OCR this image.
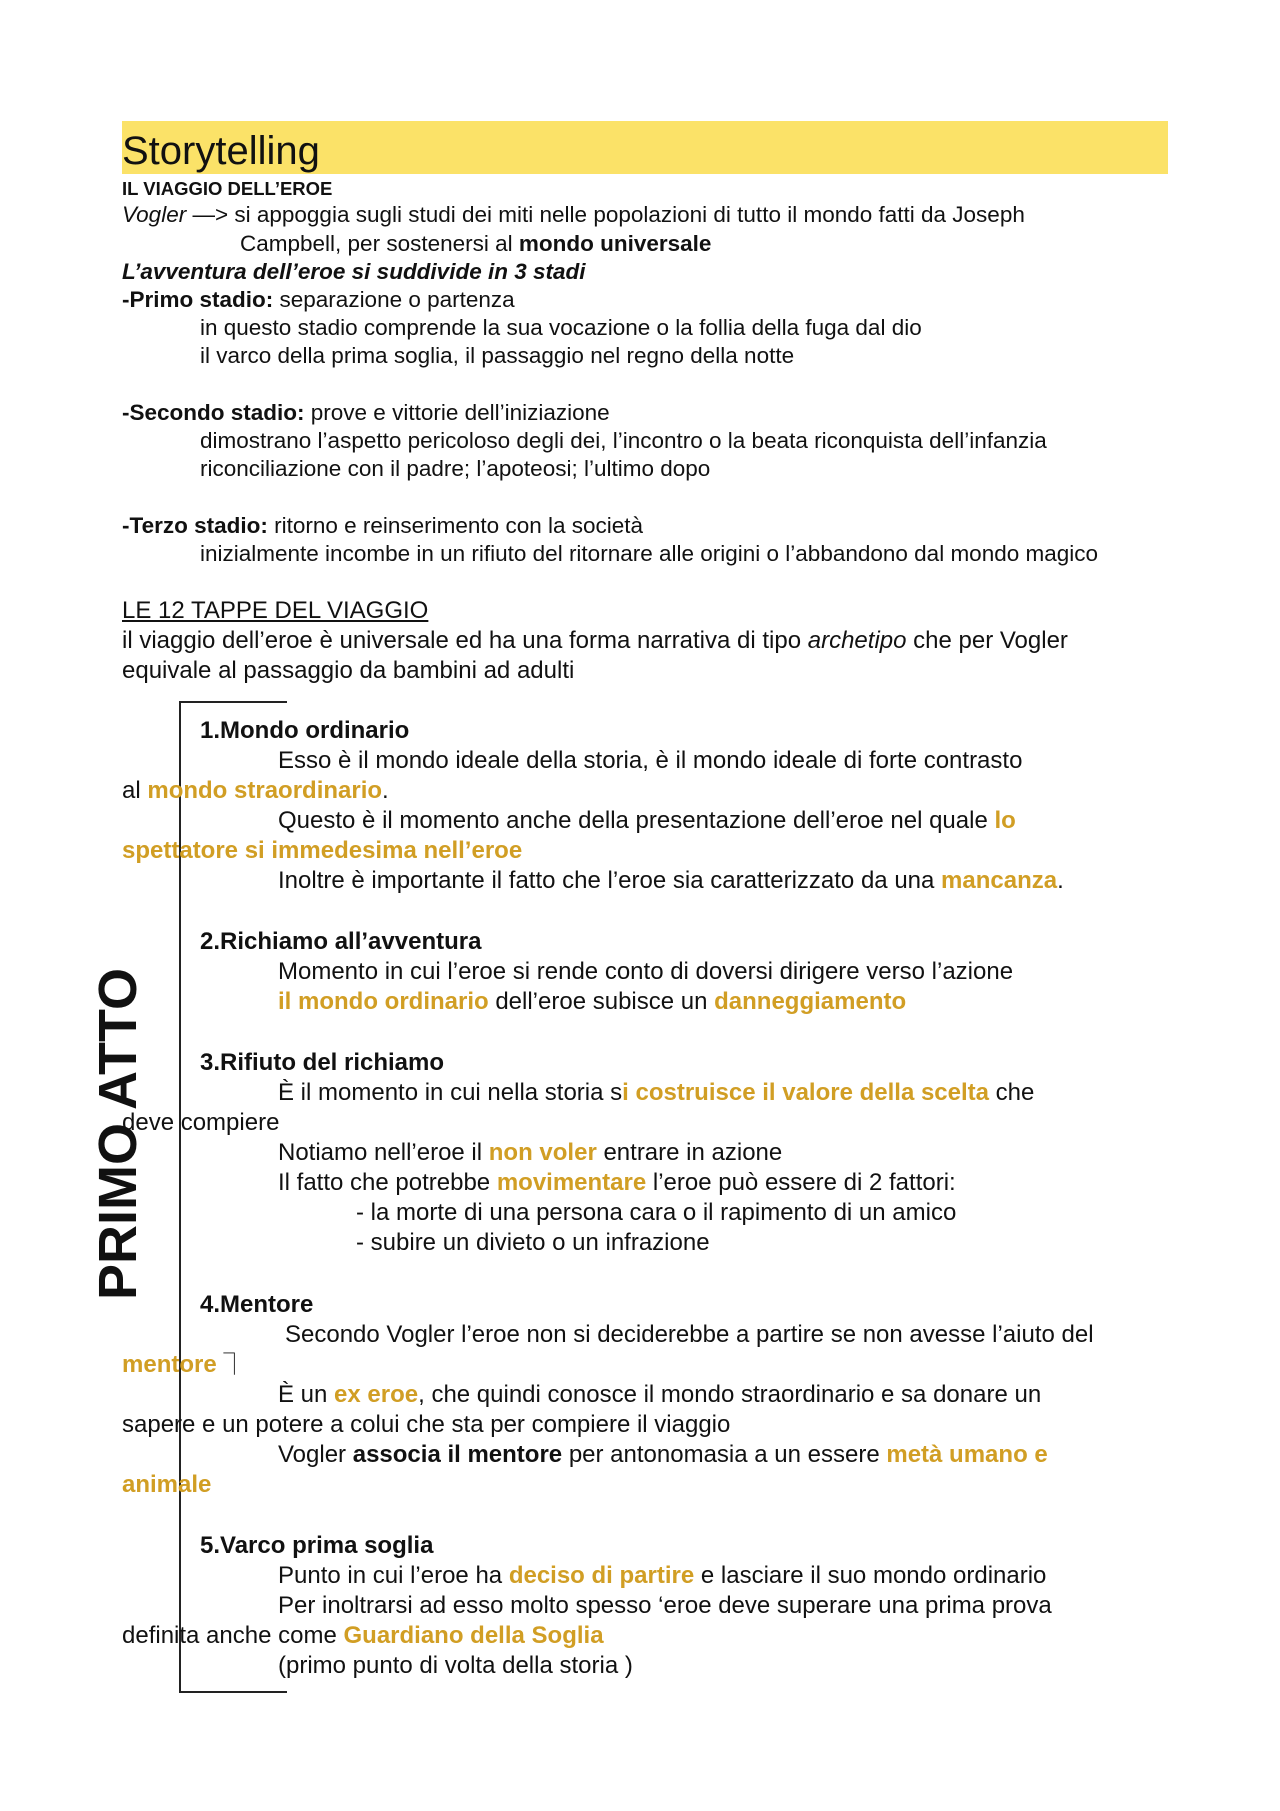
Storytelling
IL VIAGGIO DELL’EROE
Vogler —> si appoggia sugli studi dei miti nelle popolazioni di tutto il mondo fatti da Joseph
Campbell, per sostenersi al mondo universale
L’avventura dell’eroe si suddivide in 3 stadi
-Primo stadio: separazione o partenza
in questo stadio comprende la sua vocazione o la follia della fuga dal dio
il varco della prima soglia, il passaggio nel regno della notte
-Secondo stadio: prove e vittorie dell’iniziazione
dimostrano l’aspetto pericoloso degli dei, l’incontro o la beata riconquista dell’infanzia
riconciliazione con il padre; l’apoteosi; l’ultimo dopo
-Terzo stadio: ritorno e reinserimento con la società
inizialmente incombe in un rifiuto del ritornare alle origini o l’abbandono dal mondo magico
LE 12 TAPPE DEL VIAGGIO
il viaggio dell’eroe è universale ed ha una forma narrativa di tipo archetipo che per Vogler
equivale al passaggio da bambini ad adulti
PRIMO ATTO
1.Mondo ordinario
Esso è il mondo ideale della storia, è il mondo ideale di forte contrasto
al mondo straordinario.
Questo è il momento anche della presentazione dell’eroe nel quale lo
spettatore si immedesima nell’eroe
Inoltre è importante il fatto che l’eroe sia caratterizzato da una mancanza.
2.Richiamo all’avventura
Momento in cui l’eroe si rende conto di doversi dirigere verso l’azione
il mondo ordinario dell’eroe subisce un danneggiamento
3.Rifiuto del richiamo
È il momento in cui nella storia si costruisce il valore della scelta che
deve compiere
Notiamo nell’eroe il non voler entrare in azione
Il fatto che potrebbe movimentare l’eroe può essere di 2 fattori:
- la morte di una persona cara o il rapimento di un amico
- subire un divieto o un infrazione
4.Mentore
Secondo Vogler l’eroe non si deciderebbe a partire se non avesse l’aiuto del
mentore ⏋
È un ex eroe, che quindi conosce il mondo straordinario e sa donare un
sapere e un potere a colui che sta per compiere il viaggio
Vogler associa il mentore per antonomasia a un essere metà umano e
animale
5.Varco prima soglia
Punto in cui l’eroe ha deciso di partire e lasciare il suo mondo ordinario
Per inoltrarsi ad esso molto spesso ‘eroe deve superare una prima prova
definita anche come Guardiano della Soglia
(primo punto di volta della storia )
